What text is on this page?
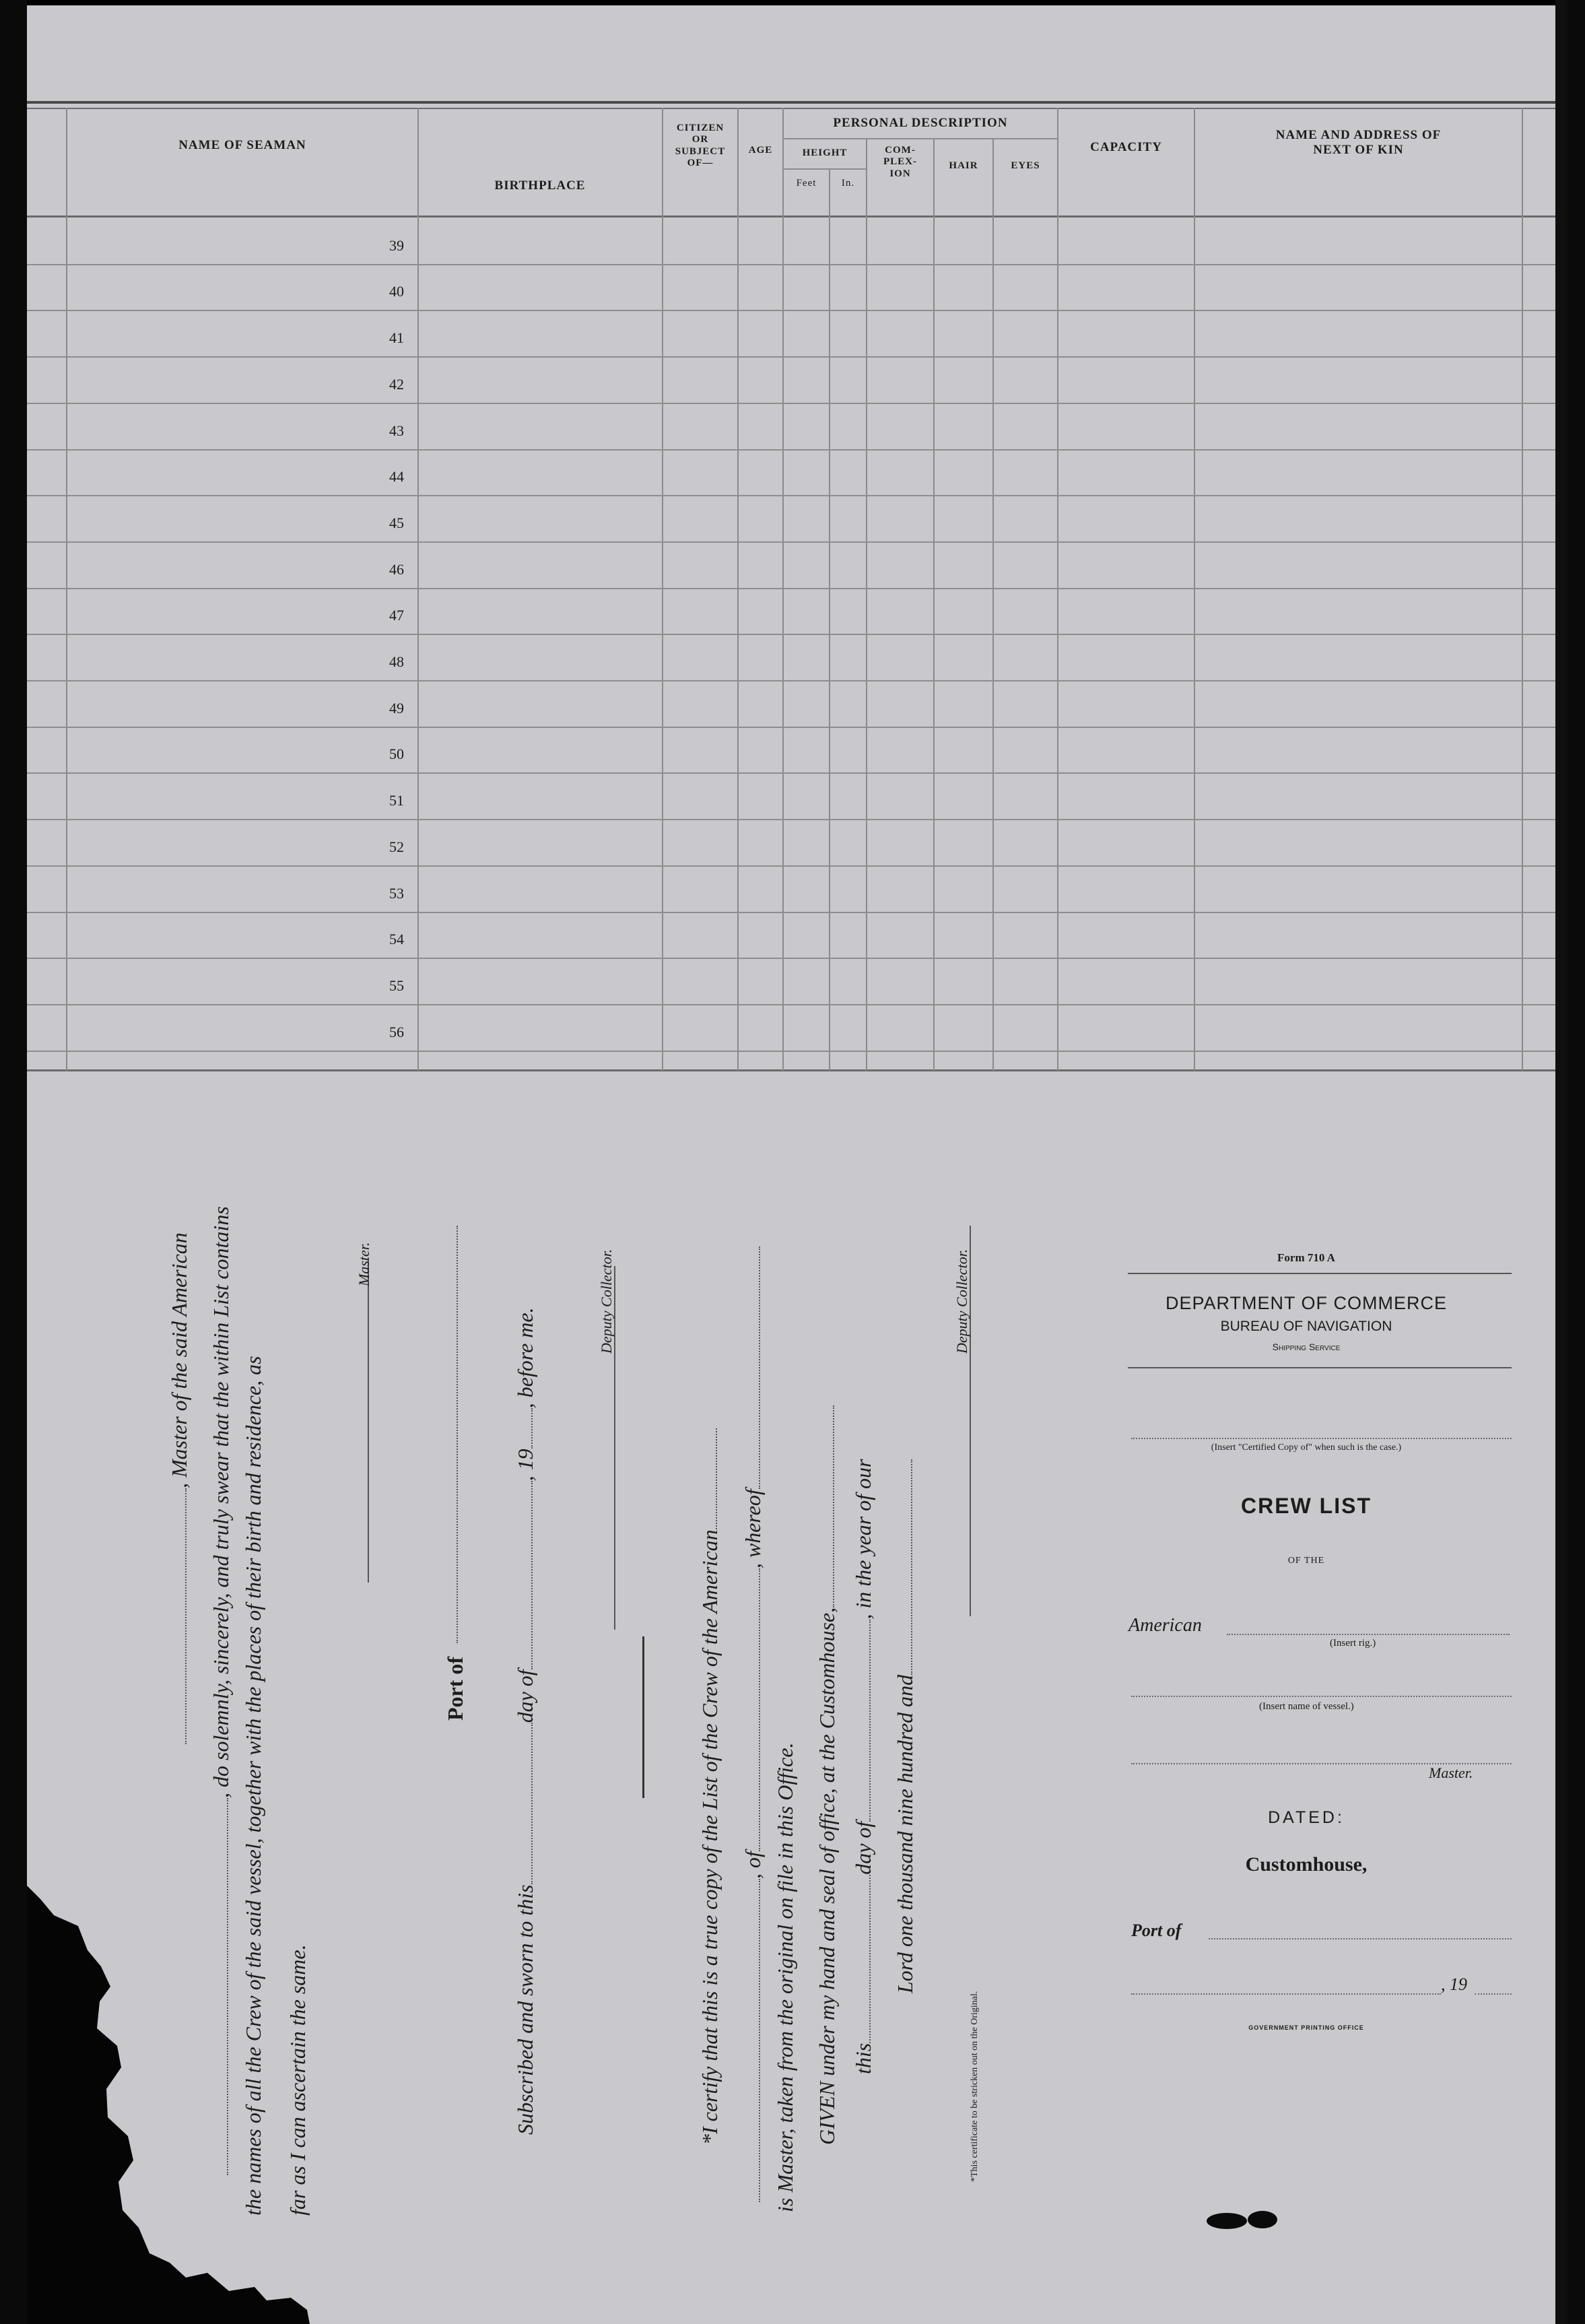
NAME OF SEAMAN
BIRTHPLACE
CITIZEN
OR
SUBJECT
OF—
AGE
PERSONAL DESCRIPTION
HEIGHT
Feet	In.
COM-
PLEX-
ION
HAIR	EYES
CAPACITY
NAME AND ADDRESS OF
NEXT OF KIN
39
40
41
42
43
44
45
46
47
48
49
50
51
52
53
54
55
56
, Master of the said American , do solemnly, sincerely, and truly swear that the within List contains the names of all the Crew of the said vessel, together with the places of their birth and residence, as far as I can ascertain the same.
Master.
Port of
Subscribed and sworn to thisday of, 19, before me.
Deputy Collector.
*I certify that this is a true copy of the List of the Crew of the American , of, whereof
is Master, taken from the original on file in this Office. GIVEN under my hand and seal of office, at the Customhouse, thisday of, in the year of our
Lord one thousand nine hundred and
Deputy Collector.
*This certificate to be stricken out on the Original.
Form 710 A
DEPARTMENT OF COMMERCE
BUREAU OF NAVIGATION
Shipping Service
(Insert "Certified Copy of" when such is the case.)
CREW LIST
OF THE
American
(Insert rig.)
(Insert name of vessel.)
Master.
DATED:
Customhouse,
Port of
, 19
GOVERNMENT PRINTING OFFICE
